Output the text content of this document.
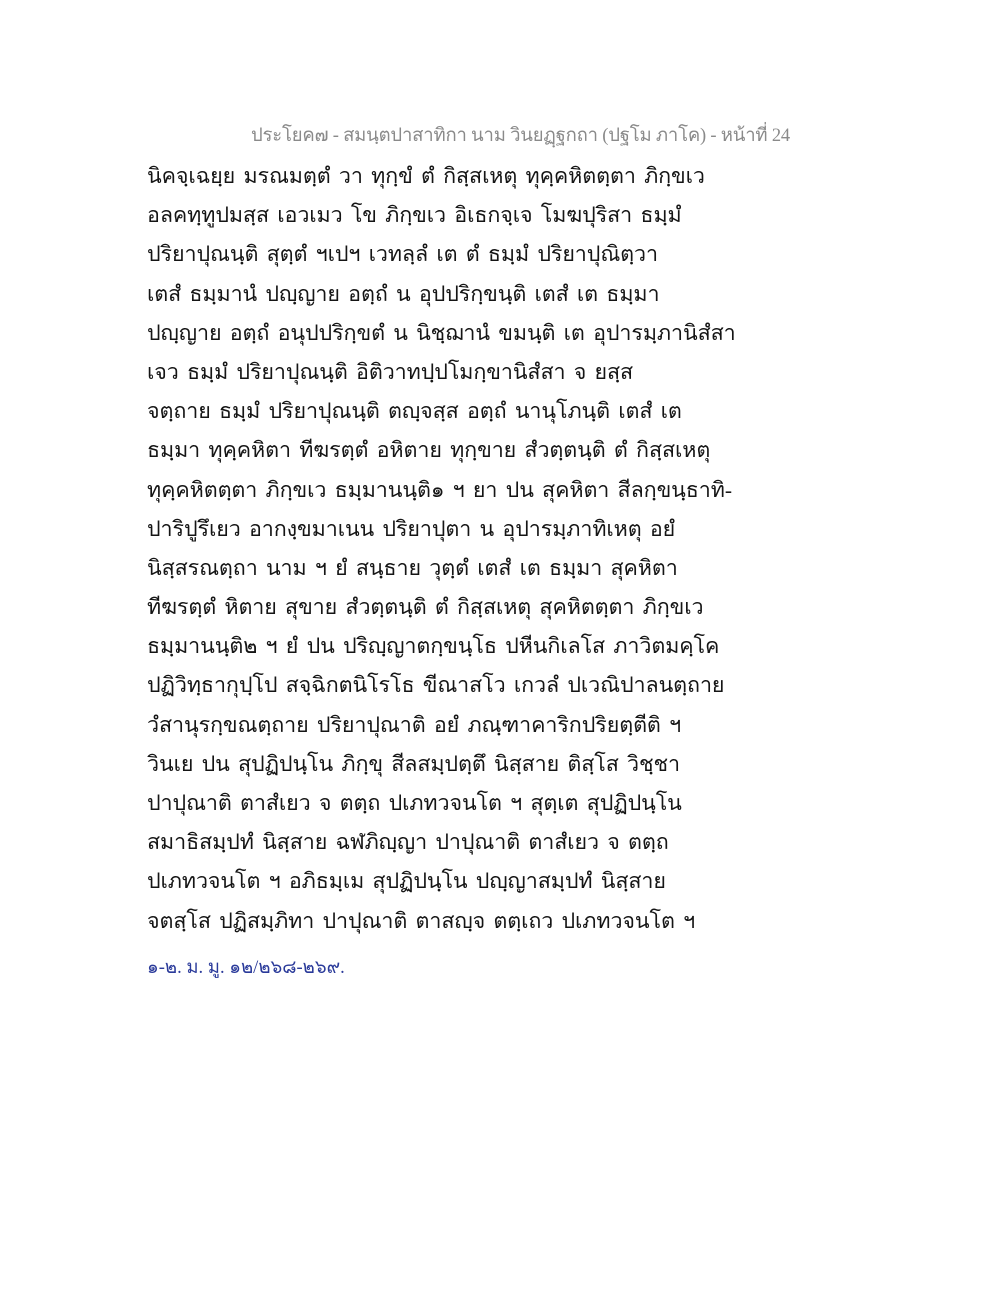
ประโยค๗ - สมนฺตปาสาทิกา นาม วินยฏฺฐกถา (ปฐโม ภาโค) - หน้าที่ 24
นิคจฺเฉยฺย มรณมตฺตํ วา ทุกฺขํ ตํ กิสฺสเหตุ ทุคฺคหิตตฺตา ภิกฺขเว
อลคทฺทูปมสฺส เอวเมว โข ภิกฺขเว อิเธกจฺเจ โมฆปุริสา ธมฺมํ
ปริยาปุณนฺติ สุตฺตํ ฯเปฯ เวทลฺลํ เต ตํ ธมฺมํ ปริยาปุณิตฺวา
เตสํ ธมฺมานํ ปญฺญาย อตฺถํ น อุปปริกฺขนฺติ เตสํ เต ธมฺมา
ปญฺญาย อตฺถํ อนุปปริกฺขตํ น นิชฺฌานํ ขมนฺติ เต อุปารมฺภานิสํสา
เจว ธมฺมํ ปริยาปุณนฺติ อิติวาทปฺปโมกฺขานิสํสา จ ยสฺส
จตฺถาย ธมฺมํ ปริยาปุณนฺติ ตญฺจสฺส อตฺถํ นานุโภนฺติ เตสํ เต
ธมฺมา ทุคฺคหิตา ทีฆรตฺตํ อหิตาย ทุกฺขาย สํวตฺตนฺติ ตํ กิสฺสเหตุ
ทุคฺคหิตตฺตา ภิกฺขเว ธมฺมานนฺติ๑ ฯ ยา ปน สุคหิตา สีลกฺขนฺธาทิ-
ปาริปูรึเยว อากงฺขมาเนน ปริยาปุตา น อุปารมฺภาทิเหตุ อยํ
นิสฺสรณตฺถา นาม ฯ ยํ สนฺธาย วุตฺตํ เตสํ เต ธมฺมา สุคหิตา
ทีฆรตฺตํ หิตาย สุขาย สํวตฺตนฺติ ตํ กิสฺสเหตุ สุคหิตตฺตา ภิกฺขเว
ธมฺมานนฺติ๒ ฯ ยํ ปน ปริญฺญาตกฺขนฺโธ ปหีนกิเลโส ภาวิตมคฺโค
ปฏิวิทฺธากุปฺโป สจฺฉิกตนิโรโธ ขีณาสโว เกวลํ ปเวณิปาลนตฺถาย
วํสานุรกฺขณตฺถาย ปริยาปุณาติ อยํ ภณฺฑาคาริกปริยตฺตีติ ฯ
วินเย ปน สุปฏิปนฺโน ภิกฺขุ สีลสมฺปตฺตึ นิสฺสาย ติสฺโส วิชฺชา
ปาปุณาติ ตาสํเยว จ ตตฺถ ปเภทวจนโต ฯ สุตฺเต สุปฏิปนฺโน
สมาธิสมฺปทํ นิสฺสาย ฉฬภิญฺญา ปาปุณาติ ตาสํเยว จ ตตฺถ
ปเภทวจนโต ฯ อภิธมฺเม สุปฏิปนฺโน ปญฺญาสมฺปทํ นิสฺสาย
จตสฺโส ปฏิสมฺภิทา ปาปุณาติ ตาสญฺจ ตตฺเถว ปเภทวจนโต ฯ
๑-๒. ม. มู. ๑๒/๒๖๘-๒๖๙.
